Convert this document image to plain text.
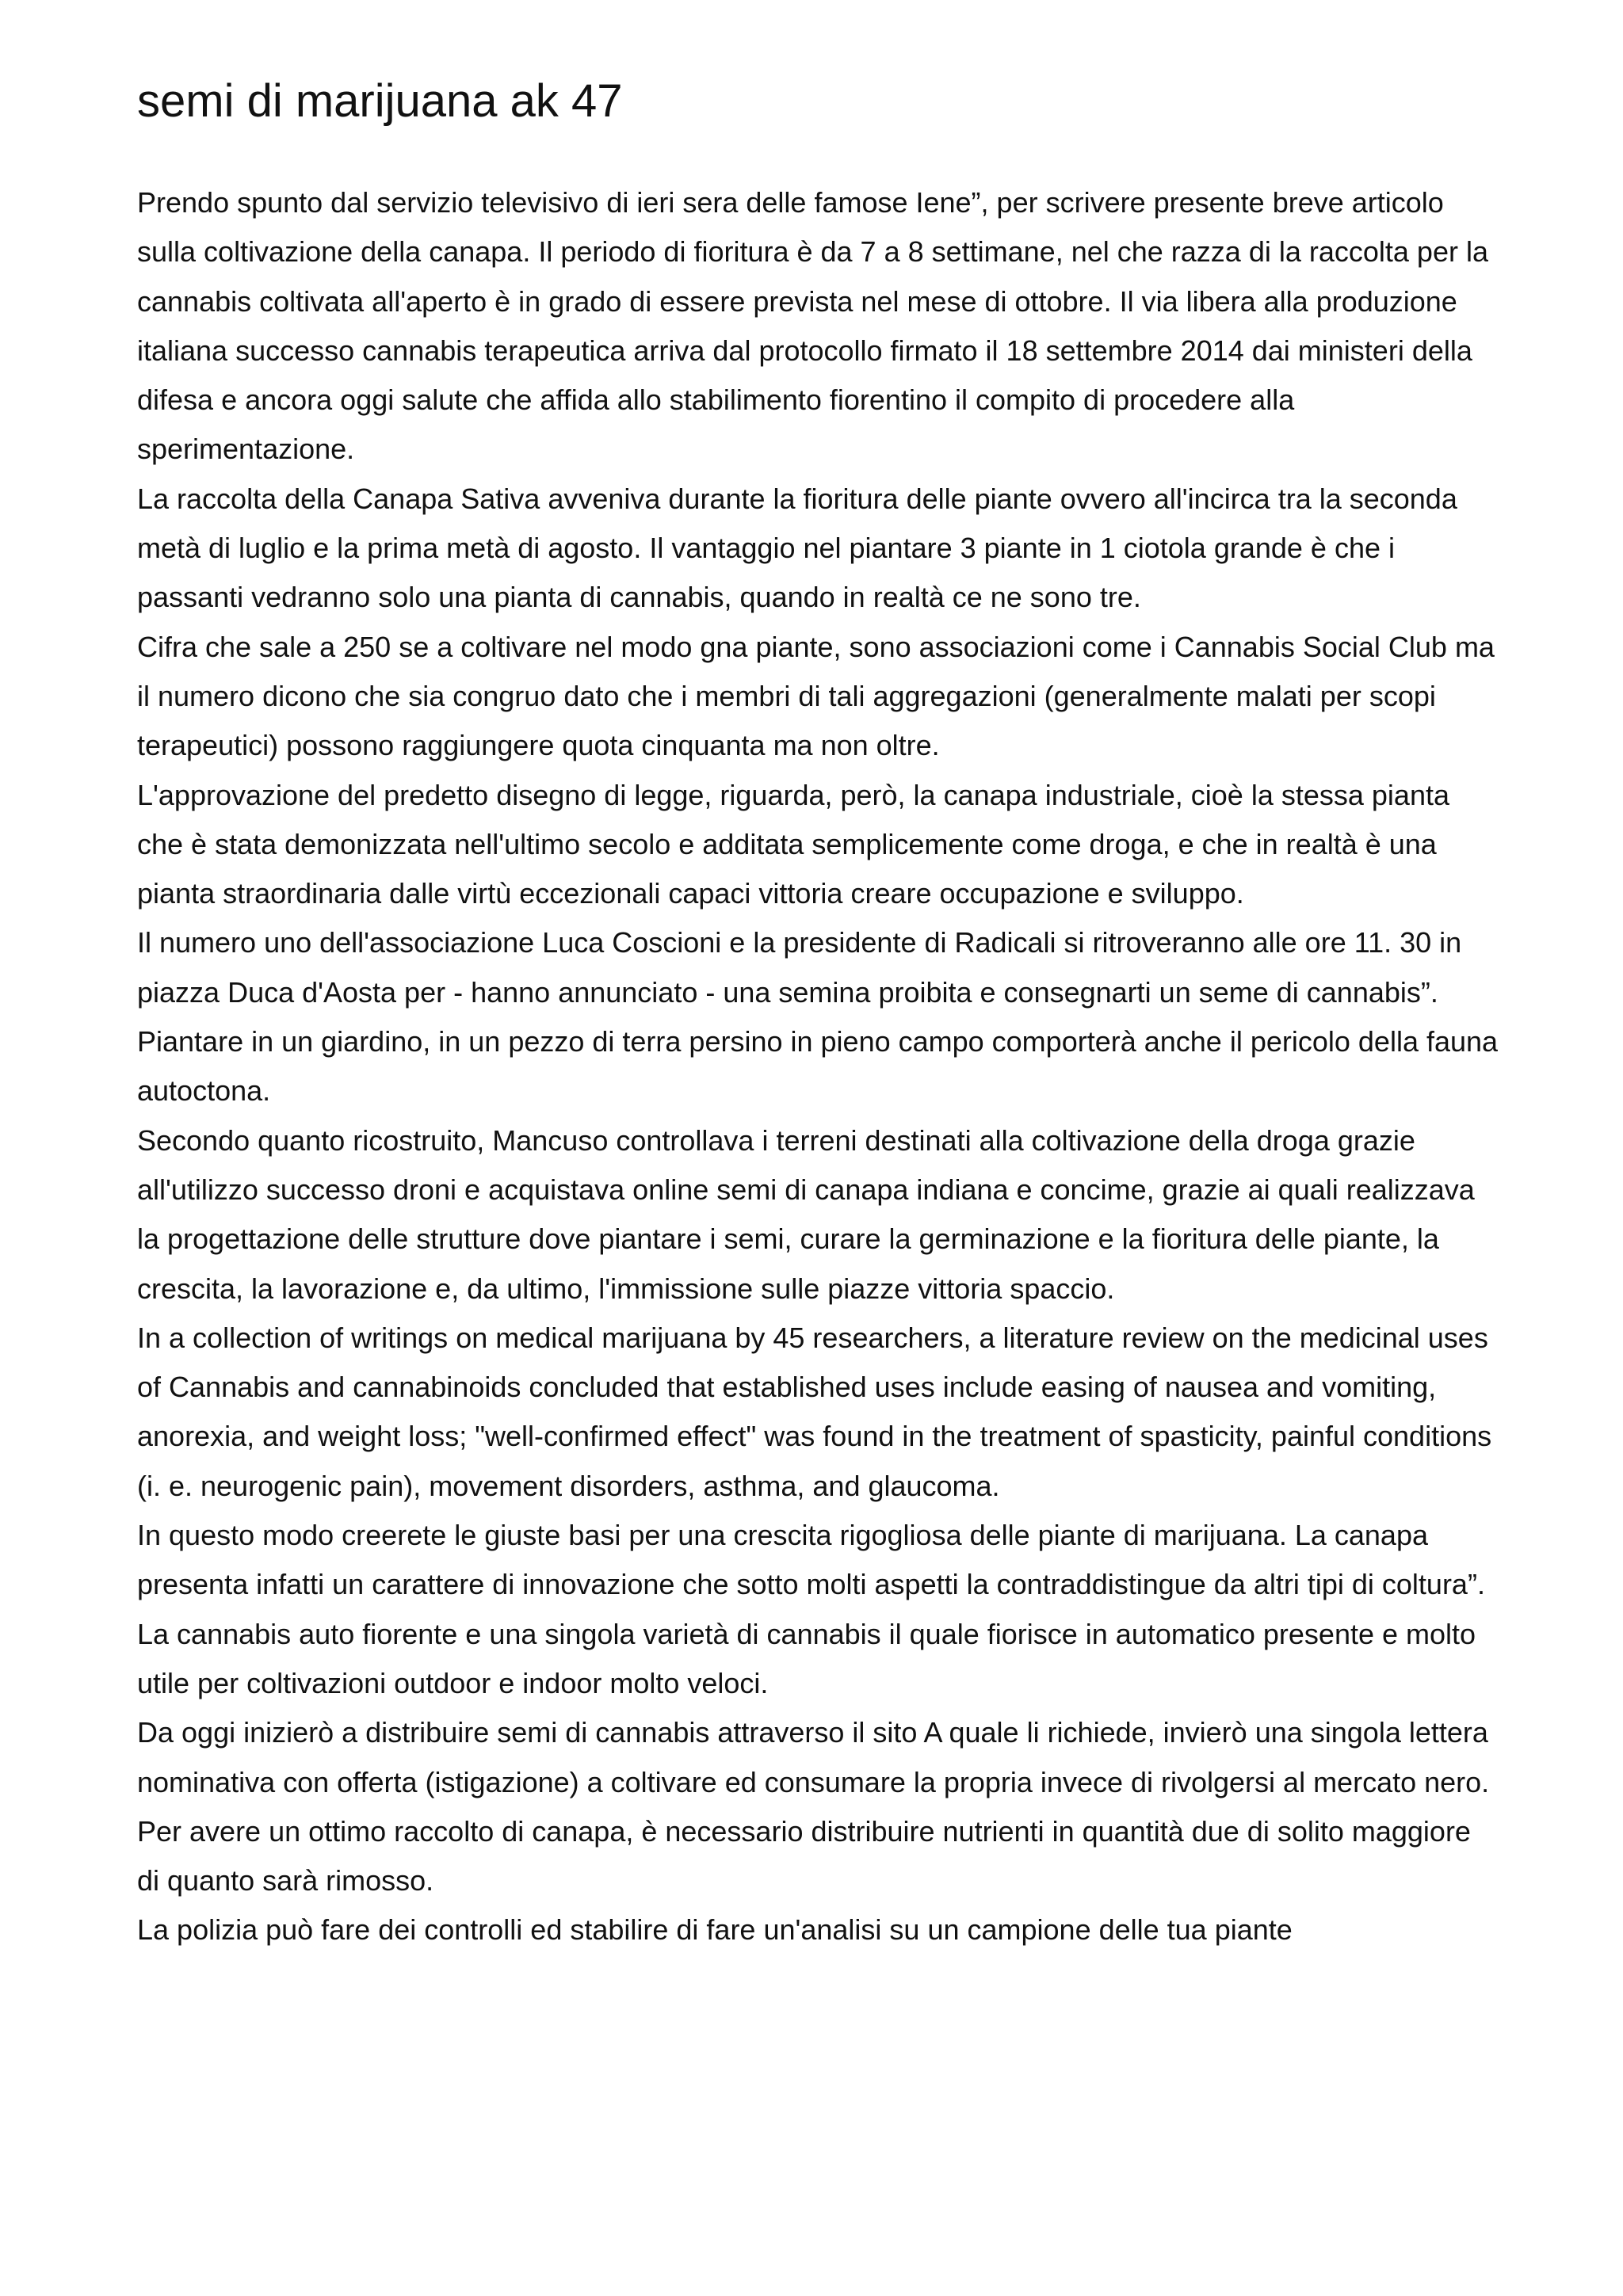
semi di marijuana ak 47

Prendo spunto dal servizio televisivo di ieri sera delle famose Iene”, per scrivere presente breve articolo sulla coltivazione della canapa. Il periodo di fioritura è da 7 a 8 settimane, nel che razza di la raccolta per la cannabis coltivata all'aperto è in grado di essere prevista nel mese di ottobre. Il via libera alla produzione italiana successo cannabis terapeutica arriva dal protocollo firmato il 18 settembre 2014 dai ministeri della difesa e ancora oggi salute che affida allo stabilimento fiorentino il compito di procedere alla sperimentazione.

La raccolta della Canapa Sativa avveniva durante la fioritura delle piante ovvero all'incirca tra la seconda metà di luglio e la prima metà di agosto. Il vantaggio nel piantare 3 piante in 1 ciotola grande è che i passanti vedranno solo una pianta di cannabis, quando in realtà ce ne sono tre.

Cifra che sale a 250 se a coltivare nel modo gna piante, sono associazioni come i Cannabis Social Club ma il numero dicono che sia congruo dato che i membri di tali aggregazioni (generalmente malati per scopi terapeutici) possono raggiungere quota cinquanta ma non oltre.

L'approvazione del predetto disegno di legge, riguarda, però, la canapa industriale, cioè la stessa pianta che è stata demonizzata nell'ultimo secolo e additata semplicemente come droga, e che in realtà è una pianta straordinaria dalle virtù eccezionali capaci vittoria creare occupazione e sviluppo.

Il numero uno dell'associazione Luca Coscioni e la presidente di Radicali si ritroveranno alle ore 11. 30 in piazza Duca d'Aosta per - hanno annunciato - una semina proibita e consegnarti un seme di cannabis”. Piantare in un giardino, in un pezzo di terra persino in pieno campo comporterà anche il pericolo della fauna autoctona.

Secondo quanto ricostruito, Mancuso controllava i terreni destinati alla coltivazione della droga grazie all'utilizzo successo droni e acquistava online semi di canapa indiana e concime, grazie ai quali realizzava la progettazione delle strutture dove piantare i semi, curare la germinazione e la fioritura delle piante, la crescita, la lavorazione e, da ultimo, l'immissione sulle piazze vittoria spaccio.

In a collection of writings on medical marijuana by 45 researchers, a literature review on the medicinal uses of Cannabis and cannabinoids concluded that established uses include easing of nausea and vomiting, anorexia, and weight loss; "well-confirmed effect" was found in the treatment of spasticity, painful conditions (i. e. neurogenic pain), movement disorders, asthma, and glaucoma.

In questo modo creerete le giuste basi per una crescita rigogliosa delle piante di marijuana. La canapa presenta infatti un carattere di innovazione che sotto molti aspetti la contraddistingue da altri tipi di coltura”. La cannabis auto fiorente e una singola varietà di cannabis il quale fiorisce in automatico presente e molto utile per coltivazioni outdoor e indoor molto veloci.

Da oggi inizierò a distribuire semi di cannabis attraverso il sito A quale li richiede, invierò una singola lettera nominativa con offerta (istigazione) a coltivare ed consumare la propria invece di rivolgersi al mercato nero. Per avere un ottimo raccolto di canapa, è necessario distribuire nutrienti in quantità due di solito maggiore di quanto sarà rimosso.

La polizia può fare dei controlli ed stabilire di fare un'analisi su un campione delle tua piante
